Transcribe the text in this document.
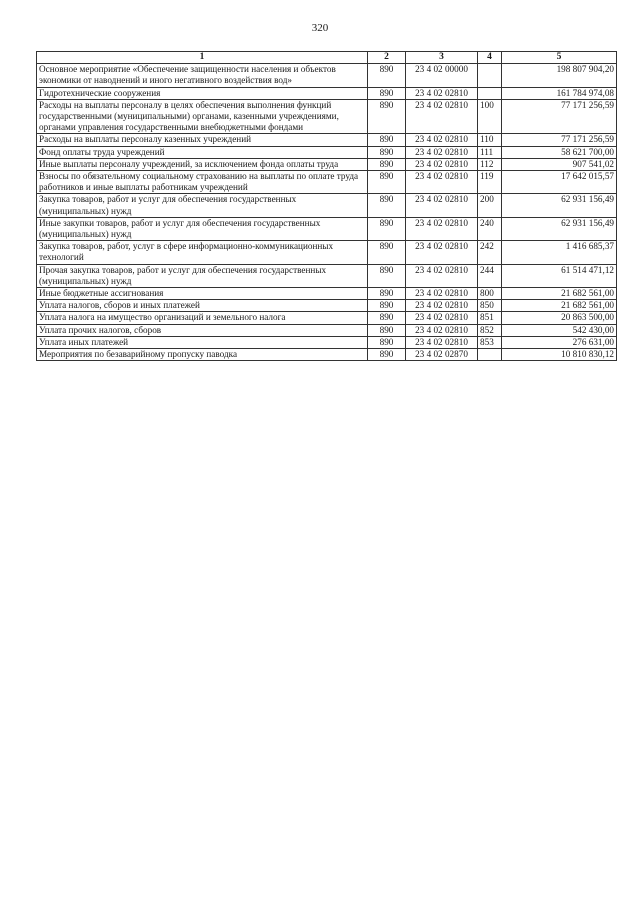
320
1	2	3	4	5
Основное мероприятие «Обеспечение защищенности населения и объектов экономики от наводнений и иного негативного воздействия вод»	890	23 4 02 00000		198 807 904,20
Гидротехнические сооружения	890	23 4 02 02810		161 784 974,08
Расходы на выплаты персоналу в целях обеспечения выполнения функций государственными (муниципальными) органами, казенными учреждениями, органами управления государственными внебюджетными фондами	890	23 4 02 02810	100	77 171 256,59
Расходы на выплаты персоналу казенных учреждений	890	23 4 02 02810	110	77 171 256,59
Фонд оплаты труда учреждений	890	23 4 02 02810	111	58 621 700,00
Иные выплаты персоналу учреждений, за исключением фонда оплаты труда	890	23 4 02 02810	112	907 541,02
Взносы по обязательному социальному страхованию на выплаты по оплате труда работников и иные выплаты работникам учреждений	890	23 4 02 02810	119	17 642 015,57
Закупка товаров, работ и услуг для обеспечения государственных (муниципальных) нужд	890	23 4 02 02810	200	62 931 156,49
Иные закупки товаров, работ и услуг для обеспечения государственных (муниципальных) нужд	890	23 4 02 02810	240	62 931 156,49
Закупка товаров, работ, услуг в сфере информационно-коммуникационных технологий	890	23 4 02 02810	242	1 416 685,37
Прочая закупка товаров, работ и услуг для обеспечения государственных (муниципальных) нужд	890	23 4 02 02810	244	61 514 471,12
Иные бюджетные ассигнования	890	23 4 02 02810	800	21 682 561,00
Уплата налогов, сборов и иных платежей	890	23 4 02 02810	850	21 682 561,00
Уплата налога на имущество организаций и земельного налога	890	23 4 02 02810	851	20 863 500,00
Уплата прочих налогов, сборов	890	23 4 02 02810	852	542 430,00
Уплата иных платежей	890	23 4 02 02810	853	276 631,00
Мероприятия по безаварийному пропуску паводка	890	23 4 02 02870		10 810 830,12
